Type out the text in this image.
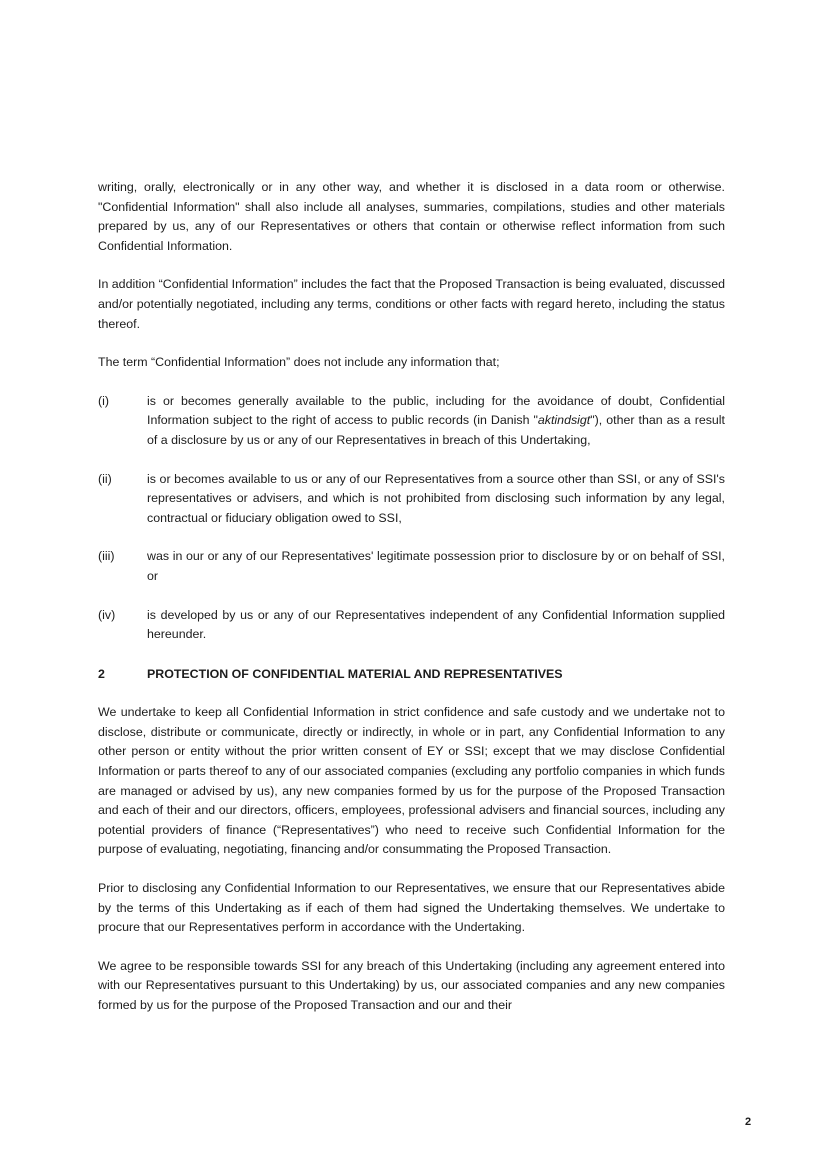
writing, orally, electronically or in any other way, and whether it is disclosed in a data room or otherwise. "Confidential Information" shall also include all analyses, summaries, compilations, studies and other materials prepared by us, any of our Representatives or others that contain or otherwise reflect information from such Confidential Information.

In addition “Confidential Information” includes the fact that the Proposed Transaction is being evaluated, discussed and/or potentially negotiated, including any terms, conditions or other facts with regard hereto, including the status thereof.

The term “Confidential Information” does not include any information that;

(i)	is or becomes generally available to the public, including for the avoidance of doubt, Confidential Information subject to the right of access to public records (in Danish "aktindsigt"), other than as a result of a disclosure by us or any of our Representatives in breach of this Undertaking,
(ii)	is or becomes available to us or any of our Representatives from a source other than SSI, or any of SSI's representatives or advisers, and which is not prohibited from disclosing such information by any legal, contractual or fiduciary obligation owed to SSI,
(iii)	was in our or any of our Representatives' legitimate possession prior to disclosure by or on behalf of SSI, or
(iv)	is developed by us or any of our Representatives independent of any Confidential Information supplied hereunder.
2	PROTECTION OF CONFIDENTIAL MATERIAL AND REPRESENTATIVES

We undertake to keep all Confidential Information in strict confidence and safe custody and we undertake not to disclose, distribute or communicate, directly or indirectly, in whole or in part, any Confidential Information to any other person or entity without the prior written consent of EY or SSI; except that we may disclose Confidential Information or parts thereof to any of our associated companies (excluding any portfolio companies in which funds are managed or advised by us), any new companies formed by us for the purpose of the Proposed Transaction and each of their and our directors, officers, employees, professional advisers and financial sources, including any potential providers of finance (“Representatives”) who need to receive such Confidential Information for the purpose of evaluating, negotiating, financing and/or consummating the Proposed Transaction.

Prior to disclosing any Confidential Information to our Representatives, we ensure that our Representatives abide by the terms of this Undertaking as if each of them had signed the Undertaking themselves. We undertake to procure that our Representatives perform in accordance with the Undertaking.

We agree to be responsible towards SSI for any breach of this Undertaking (including any agreement entered into with our Representatives pursuant to this Undertaking) by us, our associated companies and any new companies formed by us for the purpose of the Proposed Transaction and our and their

2
